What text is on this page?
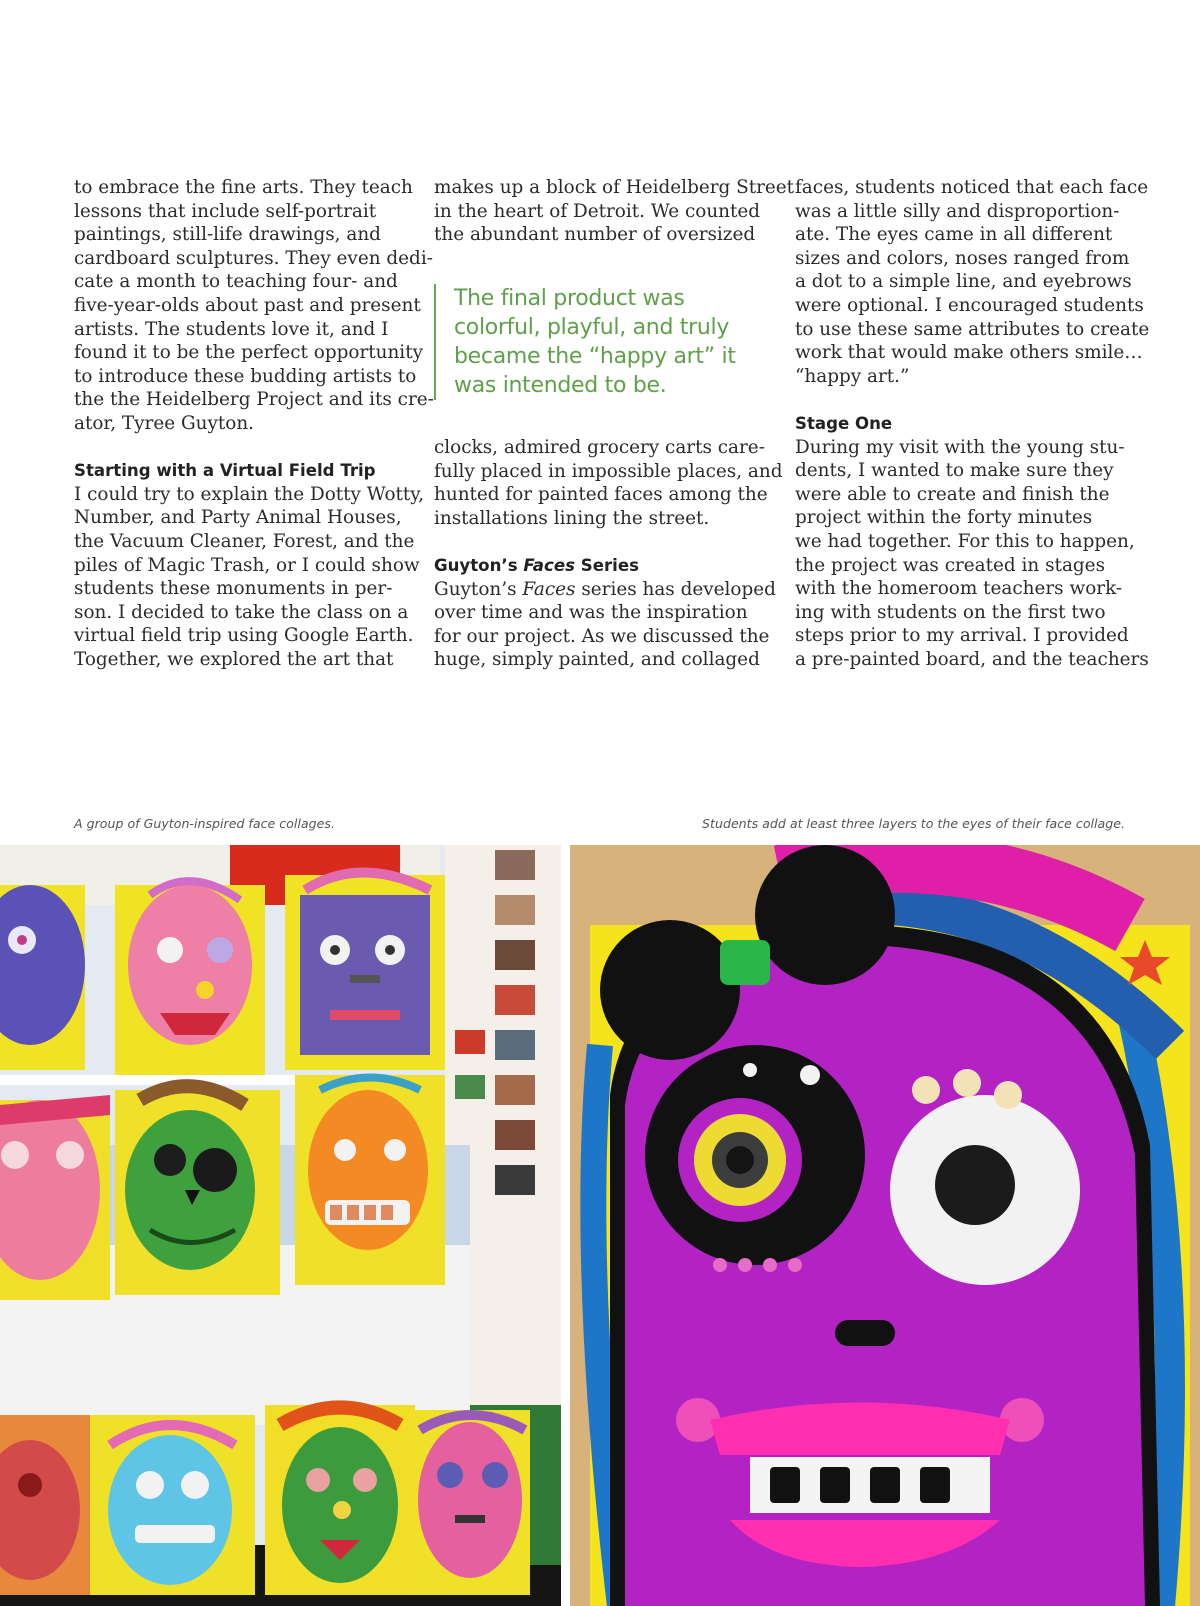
to embrace the fine arts. They teach
lessons that include self-portrait
paintings, still-life drawings, and
cardboard sculptures. They even dedi-
cate a month to teaching four- and
five-year-olds about past and present
artists. The students love it, and I
found it to be the perfect opportunity
to introduce these budding artists to
the the Heidelberg Project and its cre-
ator, Tyree Guyton.

Starting with a Virtual Field Trip

I could try to explain the Dotty Wotty,
Number, and Party Animal Houses,
the Vacuum Cleaner, Forest, and the
piles of Magic Trash, or I could show
students these monuments in per-
son. I decided to take the class on a
virtual field trip using Google Earth.
Together, we explored the art that

makes up a block of Heidelberg Street
in the heart of Detroit. We counted
the abundant number of oversized

The final product was
colorful, playful, and truly
became the “happy art” it
was intended to be.

clocks, admired grocery carts care-
fully placed in impossible places, and
hunted for painted faces among the
installations lining the street.

Guyton’s Faces Series

Guyton’s Faces series has developed
over time and was the inspiration
for our project. As we discussed the
huge, simply painted, and collaged

faces, students noticed that each face
was a little silly and disproportion-
ate. The eyes came in all different
sizes and colors, noses ranged from
a dot to a simple line, and eyebrows
were optional. I encouraged students
to use these same attributes to create
work that would make others smile…
“happy art.”

Stage One

During my visit with the young stu-
dents, I wanted to make sure they
were able to create and finish the
project within the forty minutes
we had together. For this to happen,
the project was created in stages
with the homeroom teachers work-
ing with students on the first two
steps prior to my arrival. I provided
a pre-painted board, and the teachers

A group of Guyton-inspired face collages.	Students add at least three layers to the eyes of their face collage.
